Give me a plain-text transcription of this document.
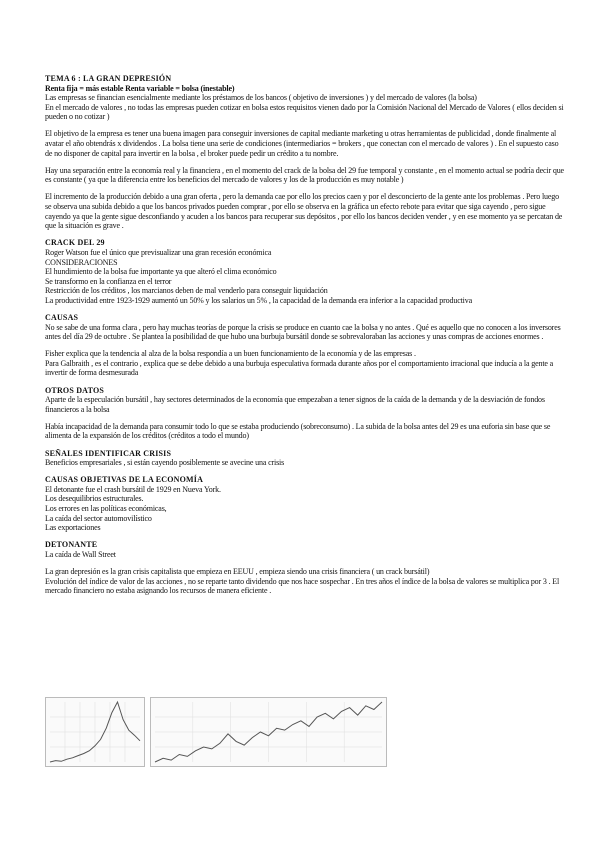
TEMA 6 : LA GRAN DEPRESIÓN
Renta fija = más estable Renta variable = bolsa (inestable)

Las empresas se financian esencialmente mediante los préstamos de los bancos ( objetivo de inversiones ) y del mercado de valores (la bolsa)

En el mercado de valores , no todas las empresas pueden cotizar en bolsa estos requisitos vienen dado por la Comisión Nacional del Mercado de Valores ( ellos deciden si pueden o no cotizar )

El objetivo de la empresa es tener una buena imagen para conseguir inversiones de capital mediante marketing u otras herramientas de publicidad , donde finalmente al avatar el año obtendrás x dividendos . La bolsa tiene una serie de condiciones (intermediarios = brokers , que conectan con el mercado de valores ) . En el supuesto caso de no disponer de capital para invertir en la bolsa , el broker puede pedir un crédito a tu nombre.

Hay una separación entre la economía real y la financiera , en el momento del crack de la bolsa del 29 fue temporal y constante , en el momento actual se podría decir que es constante ( ya que la diferencia entre los beneficios del mercado de valores y los de la producción es muy notable )

El incremento de la producción debido a una gran oferta , pero la demanda cae por ello los precios caen y por el desconcierto de la gente ante los problemas . Pero luego se observa una subida debido a que los bancos privados pueden comprar , por ello se observa en la gráfica un efecto rebote para evitar que siga cayendo , pero sigue cayendo ya que la gente sigue desconfiando y acuden a los bancos para recuperar sus depósitos , por ello los bancos deciden vender , y en ese momento ya se percatan de que la situación es grave .

CRACK DEL 29
Roger Watson fue el único que previsualizar una gran recesión económica
CONSIDERACIONES
El hundimiento de la bolsa fue importante ya que alteró el clima económico
Se transformo en la confianza en el terror
Restricción de los créditos , los marcianos deben de mal venderlo para conseguir liquidación

La productividad entre 1923-1929 aumentó un 50% y los salarios un 5% , la capacidad de la demanda era inferior a la capacidad productiva

CAUSAS

No se sabe de una forma clara , pero hay muchas teorías de porque la crisis se produce en cuanto cae la bolsa y no antes . Qué es aquello que no conocen a los inversores antes del día 29 de octubre . Se plantea la posibilidad de que hubo una burbuja bursátil donde se sobrevaloraban las acciones y unas compras de acciones enormes .

Fisher explica que la tendencia al alza de la bolsa respondía a un buen funcionamiento de la economía y de las empresas .

Para Galbraith , es el contrario , explica que se debe debido a una burbuja especulativa formada durante años por el comportamiento irracional que inducía a la gente a invertir de forma desmesurada

OTROS DATOS

Aparte de la especulación bursátil , hay sectores determinados de la economía que empezaban a tener signos de la caída de la demanda y de la desviación de fondos financieros a la bolsa

Había incapacidad de la demanda para consumir todo lo que se estaba produciendo (sobreconsumo) . La subida de la bolsa antes del 29 es una euforia sin base que se alimenta de la expansión de los créditos (créditos a todo el mundo)

SEÑALES IDENTIFICAR CRISIS

Beneficios empresariales , si están cayendo posiblemente se avecine una crisis

CAUSAS OBJETIVAS DE LA ECONOMÍA
El detonante fue el crash bursátil de 1929 en Nueva York.
Los desequilibrios estructurales.
Los errores en las políticas económicas,
La caída del sector automovilístico

Las exportaciones

DETONANTE

La caída de Wall Street

La gran depresión es la gran crisis capitalista que empieza en EEUU , empieza siendo una crisis financiera ( un crack bursátil)
Evolución del índice de valor de las acciones , no se reparte tanto dividendo que nos hace sospechar . En tres años el índice de la bolsa de valores se multiplica por 3 . El mercado financiero no estaba asignando los recursos de manera eficiente .
